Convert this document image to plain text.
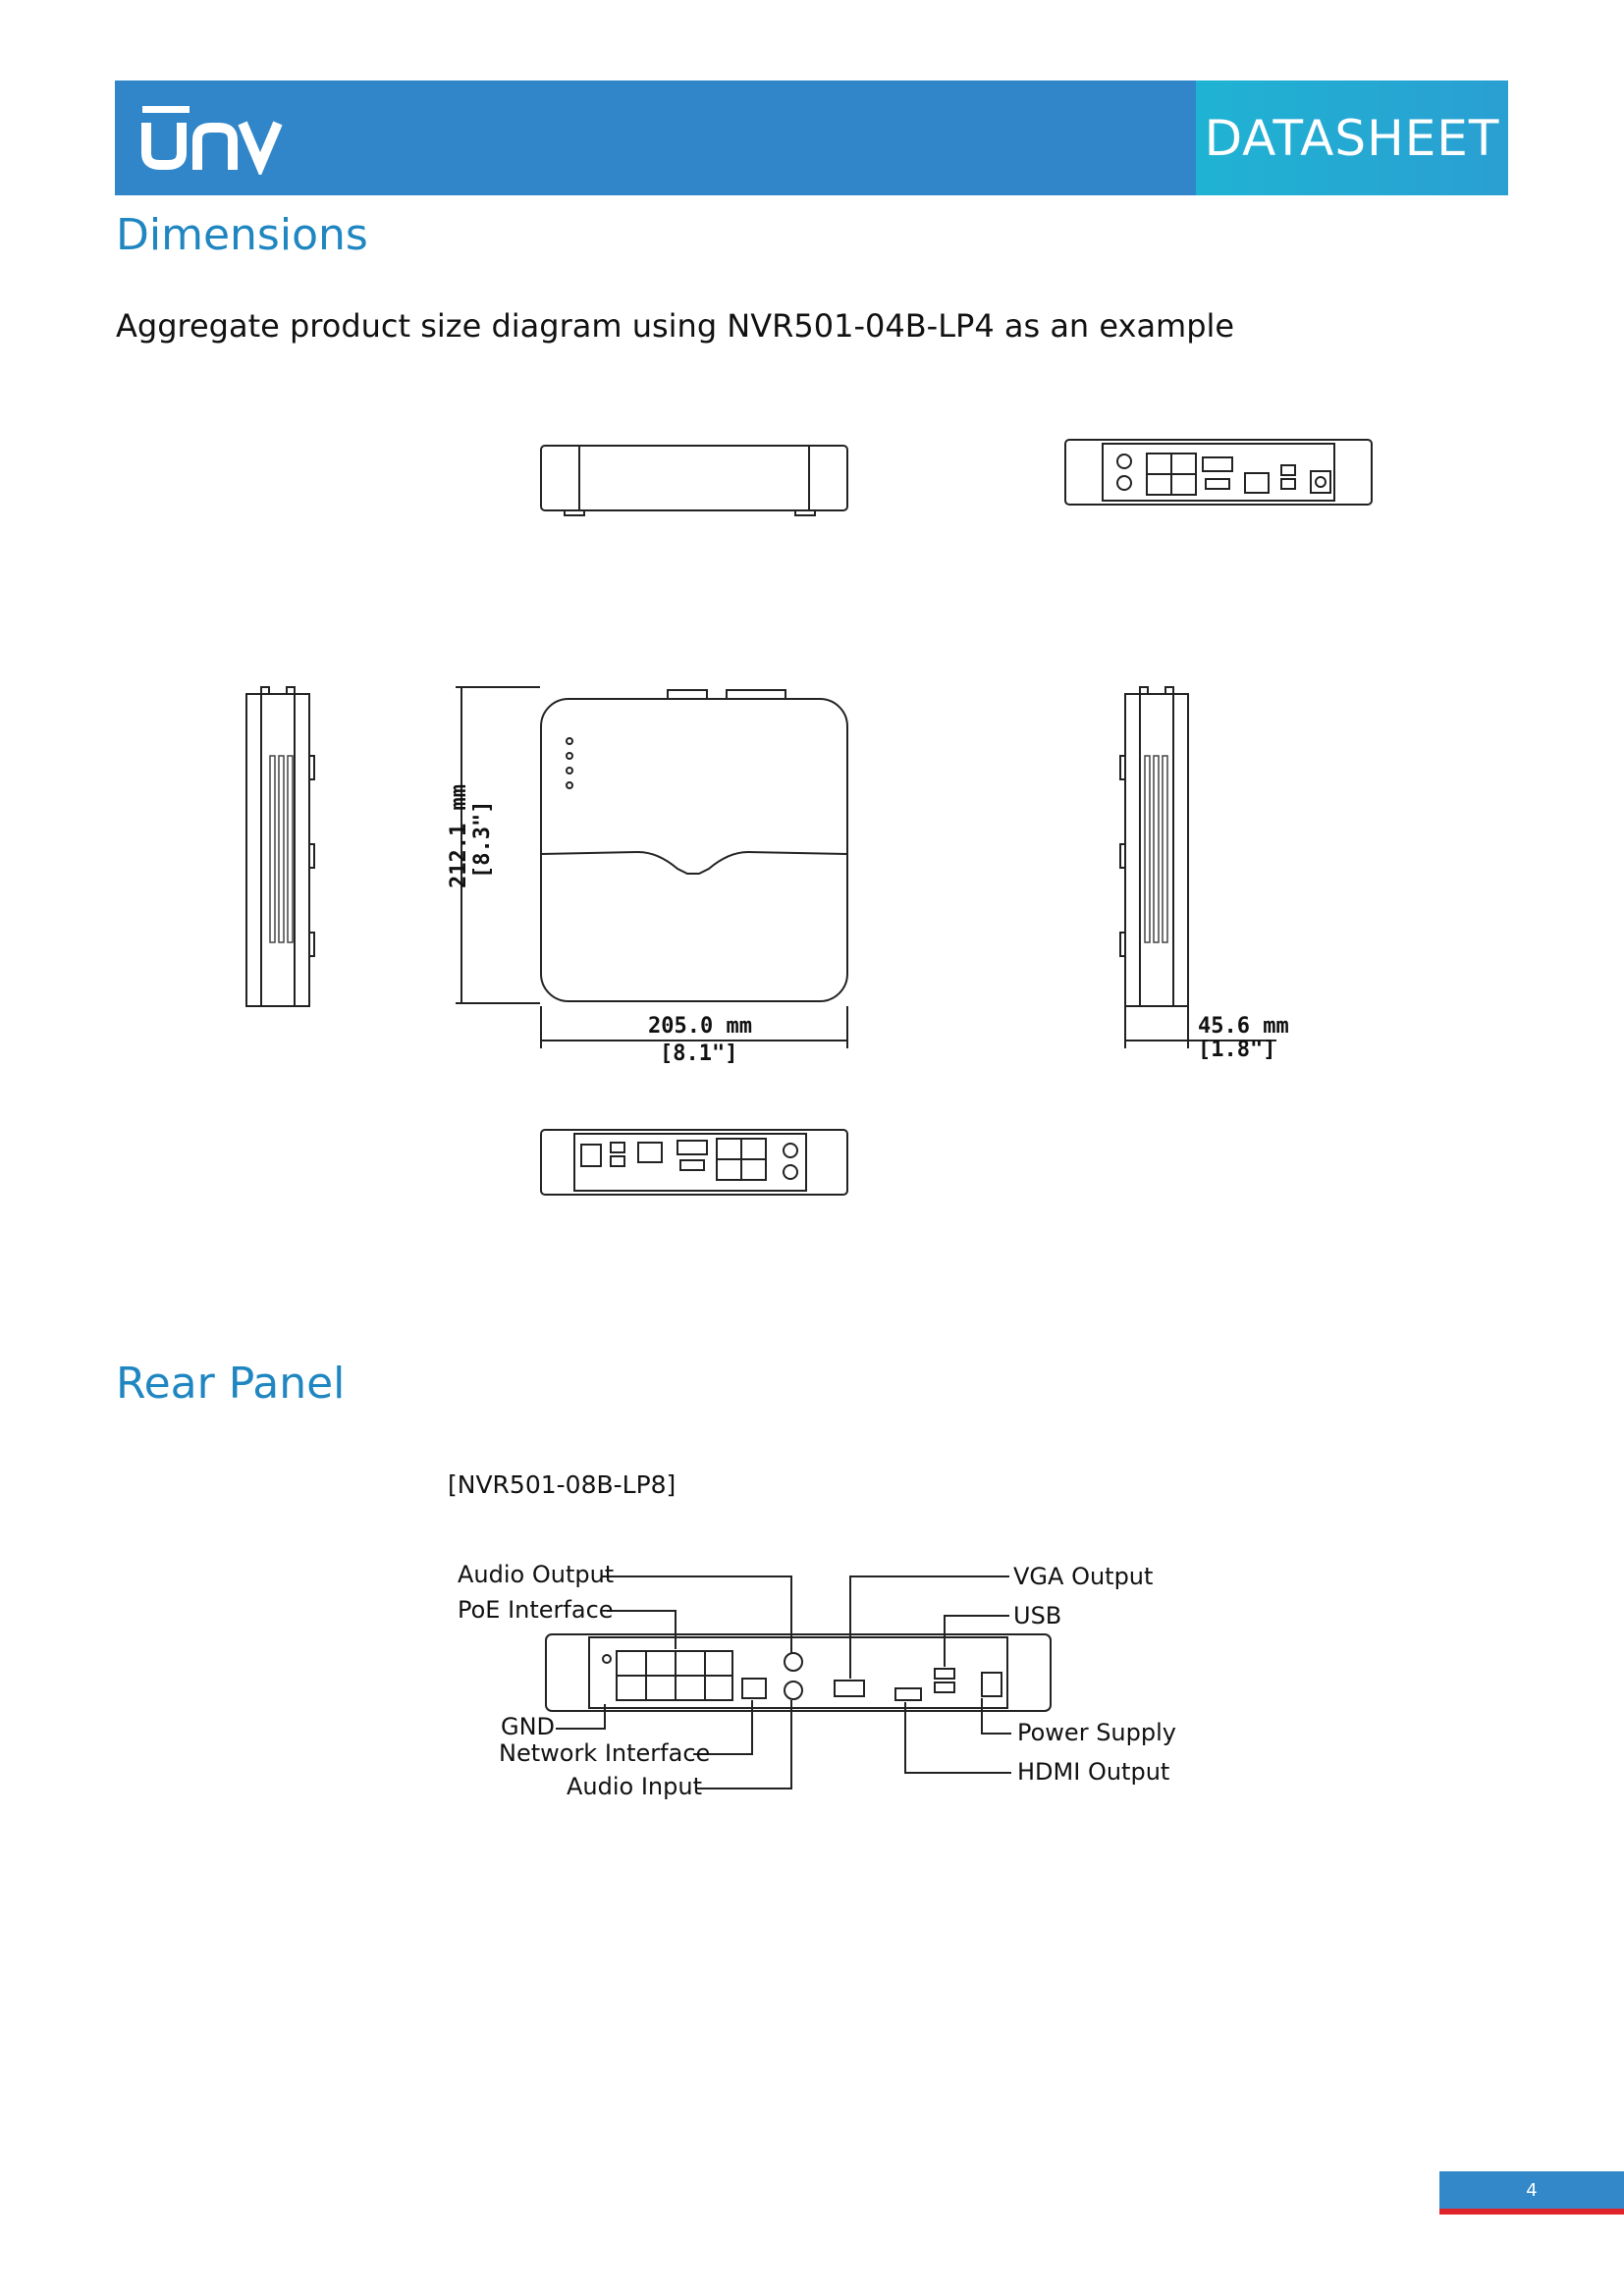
unv
DATASHEET
Dimensions
Aggregate product size diagram using NVR501-04B-LP4 as an example
212.1 mm [8.3"]
205.0 mm
[8.1"]
45.6 mm
[1.8"]
Rear Panel
[NVR501-08B-LP8]
Audio Output
PoE Interface
GND
Network Interface
Audio Input
VGA Output
USB
Power Supply
HDMI Output
4
